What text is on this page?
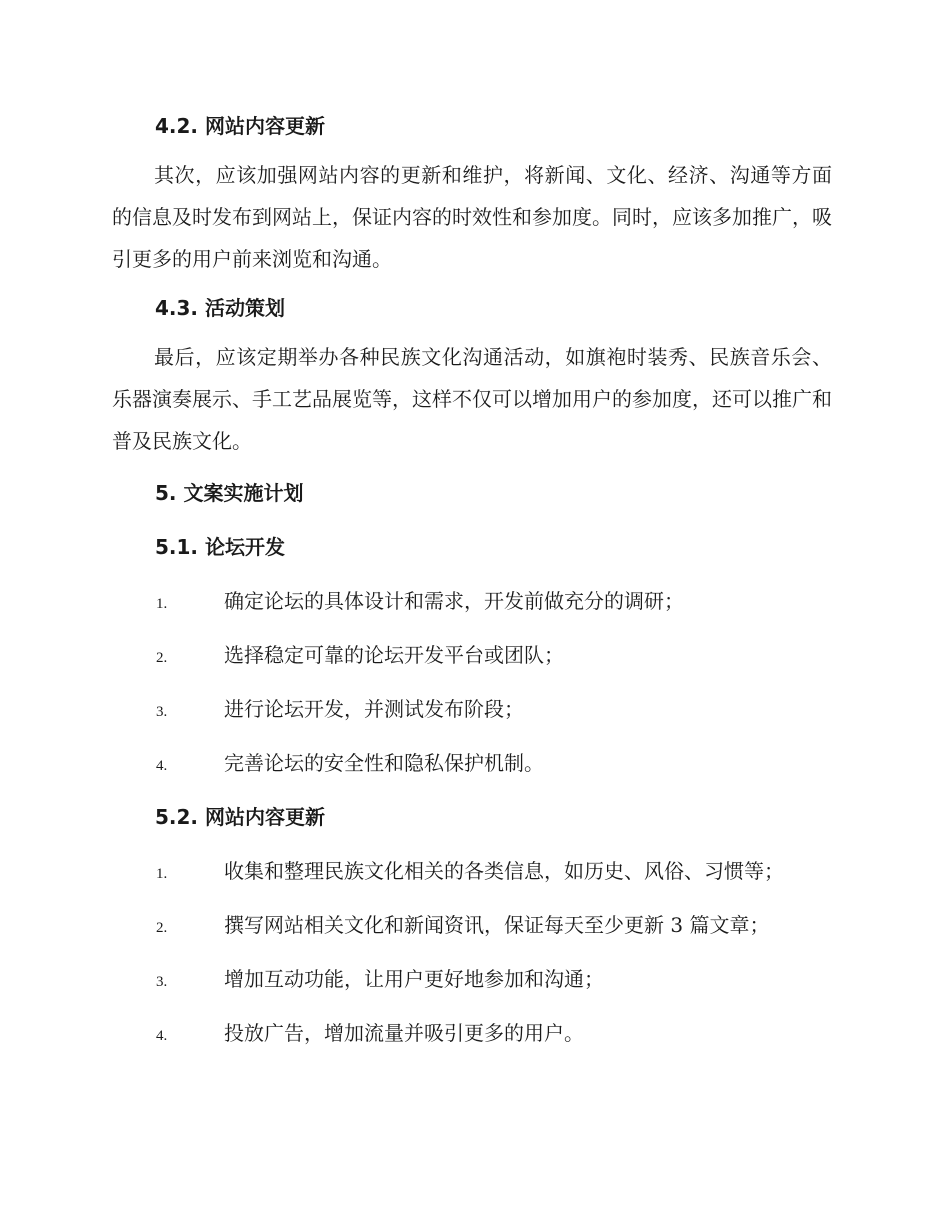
4.2. 网站内容更新

其次，应该加强网站内容的更新和维护，将新闻、文化、经济、沟通等方面的信息及时发布到网站上，保证内容的时效性和参加度。同时，应该多加推广，吸引更多的用户前来浏览和沟通。

4.3. 活动策划

最后，应该定期举办各种民族文化沟通活动，如旗袍时装秀、民族音乐会、乐器演奏展示、手工艺品展览等，这样不仅可以增加用户的参加度，还可以推广和普及民族文化。

5. 文案实施计划
5.1. 论坛开发
1.	确定论坛的具体设计和需求，开发前做充分的调研；
2.	选择稳定可靠的论坛开发平台或团队；
3.	进行论坛开发，并测试发布阶段；
4.	完善论坛的安全性和隐私保护机制。
5.2. 网站内容更新
1.	收集和整理民族文化相关的各类信息，如历史、风俗、习惯等；
2.	撰写网站相关文化和新闻资讯，保证每天至少更新 3 篇文章；
3.	增加互动功能，让用户更好地参加和沟通；
4.	投放广告，增加流量并吸引更多的用户。
